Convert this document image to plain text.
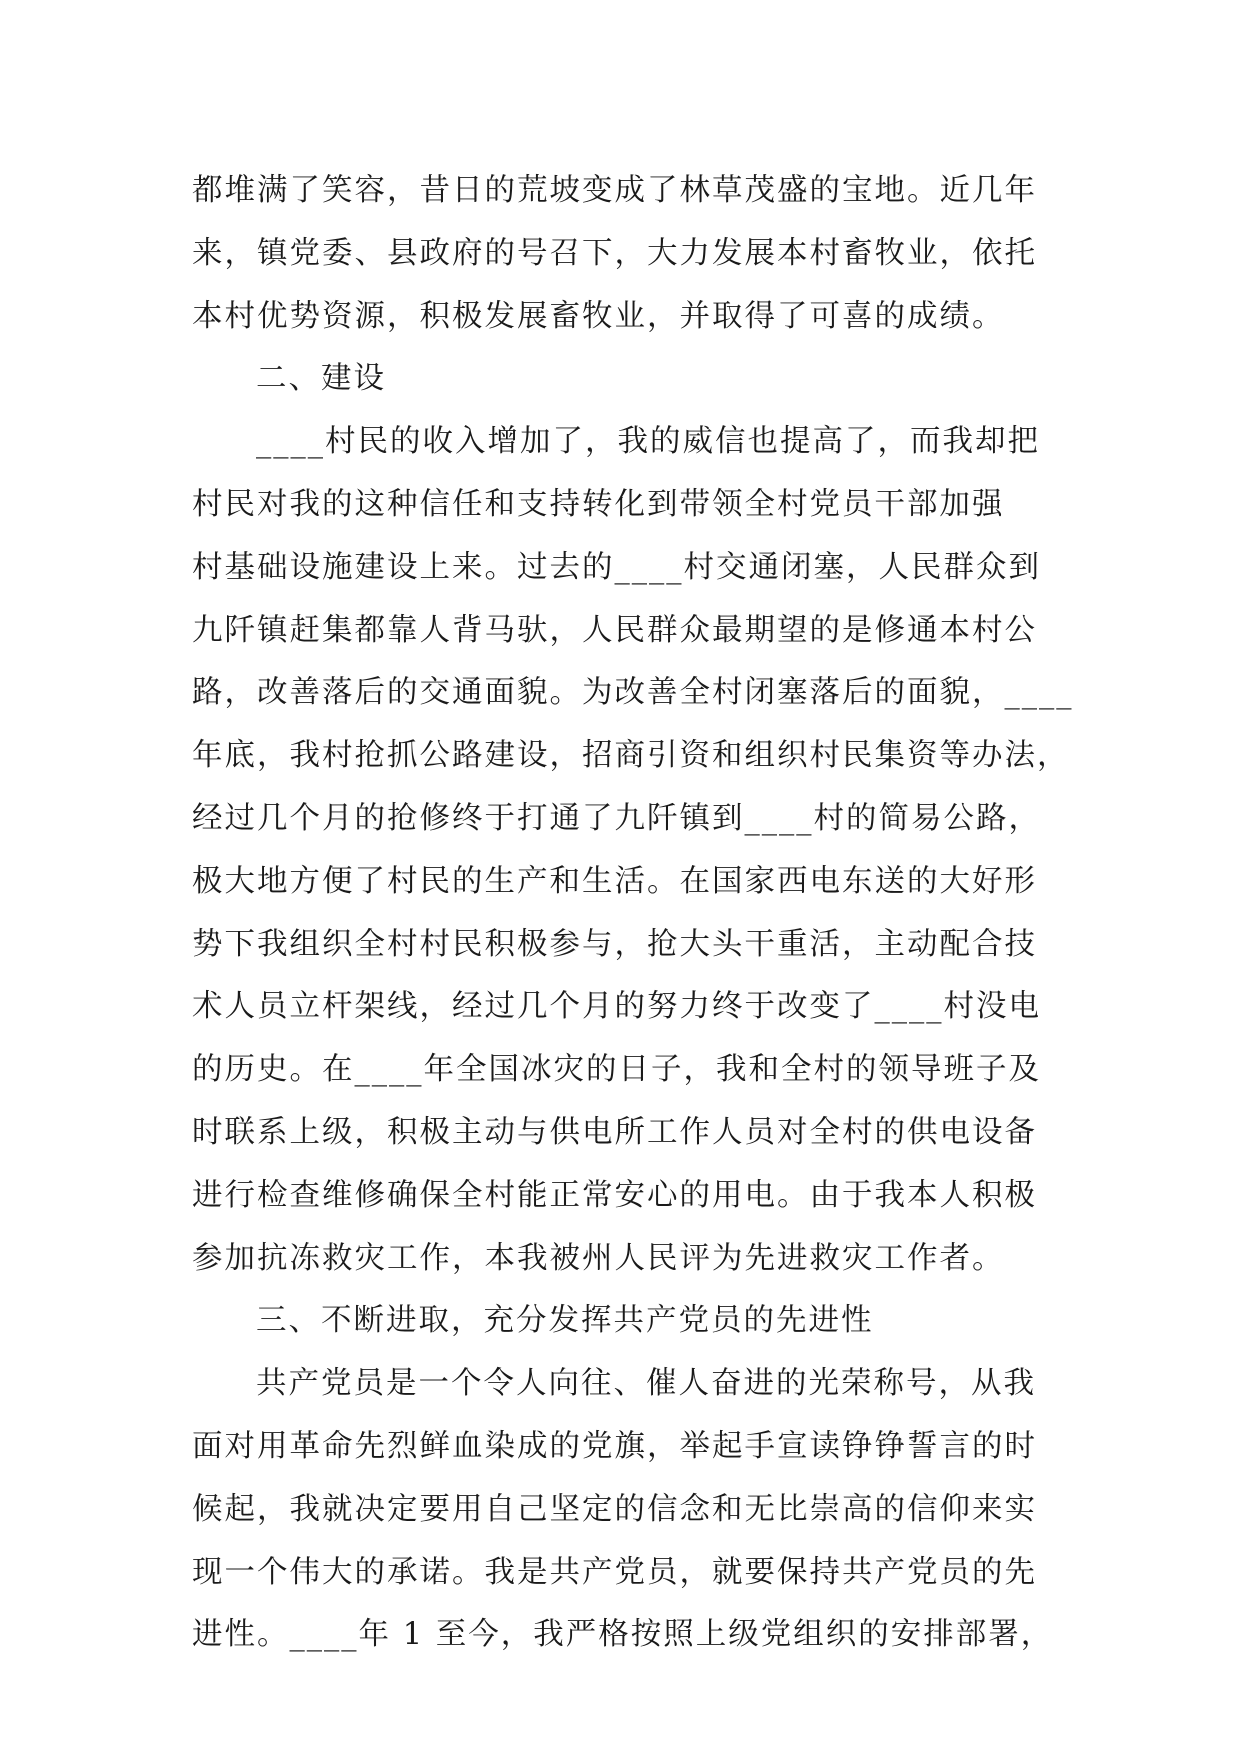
都堆满了笑容，昔日的荒坡变成了林草茂盛的宝地。近几年
来，镇党委、县政府的号召下，大力发展本村畜牧业，依托
本村优势资源，积极发展畜牧业，并取得了可喜的成绩。
二、建设
____村民的收入增加了，我的威信也提高了，而我却把
村民对我的这种信任和支持转化到带领全村党员干部加强
村基础设施建设上来。过去的____村交通闭塞，人民群众到
九阡镇赶集都靠人背马驮，人民群众最期望的是修通本村公
路，改善落后的交通面貌。为改善全村闭塞落后的面貌，____
年底，我村抢抓公路建设，招商引资和组织村民集资等办法，
经过几个月的抢修终于打通了九阡镇到____村的简易公路，
极大地方便了村民的生产和生活。在国家西电东送的大好形
势下我组织全村村民积极参与，抢大头干重活，主动配合技
术人员立杆架线，经过几个月的努力终于改变了____村没电
的历史。在____年全国冰灾的日子，我和全村的领导班子及
时联系上级，积极主动与供电所工作人员对全村的供电设备
进行检查维修确保全村能正常安心的用电。由于我本人积极
参加抗冻救灾工作，本我被州人民评为先进救灾工作者。
三、不断进取，充分发挥共产党员的先进性
共产党员是一个令人向往、催人奋进的光荣称号，从我
面对用革命先烈鲜血染成的党旗，举起手宣读铮铮誓言的时
候起，我就决定要用自己坚定的信念和无比崇高的信仰来实
现一个伟大的承诺。我是共产党员，就要保持共产党员的先
进性。____年 1 至今，我严格按照上级党组织的安排部署，
